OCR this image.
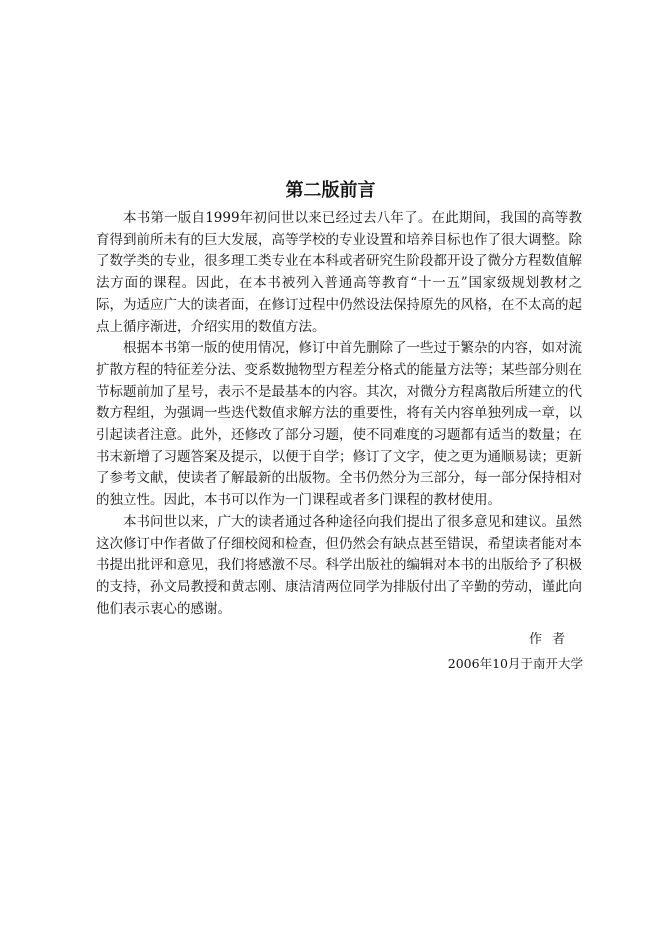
第二版前言

本书第一版自1999年初问世以来已经过去八年了。在此期间，我国的高等教育得到前所未有的巨大发展，高等学校的专业设置和培养目标也作了很大调整。除了数学类的专业，很多理工类专业在本科或者研究生阶段都开设了微分方程数值解法方面的课程。因此，在本书被列入普通高等教育“十一五”国家级规划教材之际，为适应广大的读者面，在修订过程中仍然设法保持原先的风格，在不太高的起点上循序渐进，介绍实用的数值方法。

根据本书第一版的使用情况，修订中首先删除了一些过于繁杂的内容，如对流扩散方程的特征差分法、变系数抛物型方程差分格式的能量方法等；某些部分则在节标题前加了星号，表示不是最基本的内容。其次，对微分方程离散后所建立的代数方程组，为强调一些迭代数值求解方法的重要性，将有关内容单独列成一章，以引起读者注意。此外，还修改了部分习题，使不同难度的习题都有适当的数量；在书末新增了习题答案及提示，以便于自学；修订了文字，使之更为通顺易读；更新了参考文献，使读者了解最新的出版物。全书仍然分为三部分，每一部分保持相对的独立性。因此，本书可以作为一门课程或者多门课程的教材使用。

本书问世以来，广大的读者通过各种途径向我们提出了很多意见和建议。虽然这次修订中作者做了仔细校阅和检查，但仍然会有缺点甚至错误，希望读者能对本书提出批评和意见，我们将感激不尽。科学出版社的编辑对本书的出版给予了积极的支持，孙文局教授和黄志刚、康洁清两位同学为排版付出了辛勤的劳动，谨此向他们表示衷心的感谢。

作者
2006年10月于南开大学
